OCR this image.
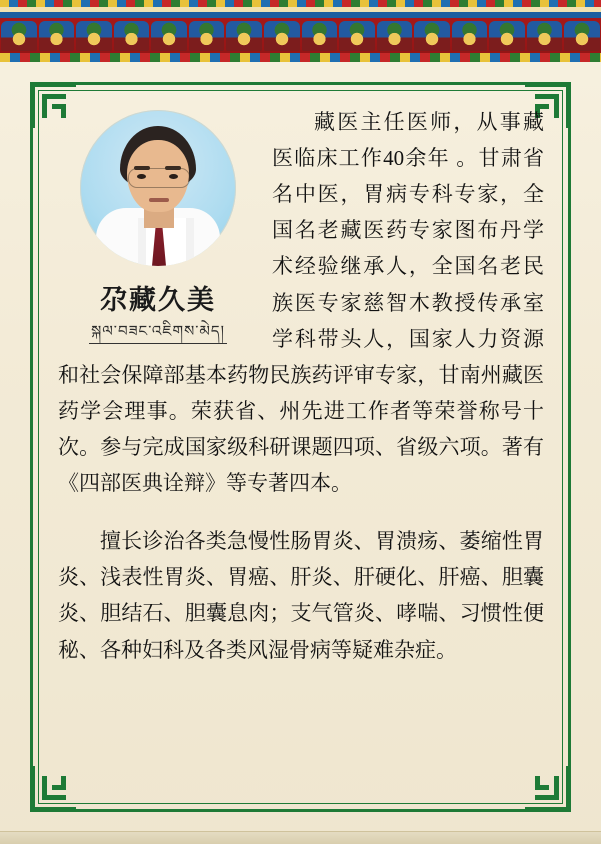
尕藏久美
སྐལ་བཟང་འཇིགས་མེད།

藏医主任医师，从事藏医临床工作40余年 。甘肃省名中医，胃病专科专家，全国名老藏医药专家图布丹学术经验继承人，全国名老民族医专家慈智木教授传承室学科带头人，国家人力资源和社会保障部基本药物民族药评审专家，甘南州藏医药学会理事。荣获省、州先进工作者等荣誉称号十次。参与完成国家级科研课题四项、省级六项。著有《四部医典诠辩》等专著四本。

擅长诊治各类急慢性肠胃炎、胃溃疡、萎缩性胃炎、浅表性胃炎、胃癌、肝炎、肝硬化、肝癌、胆囊炎、胆结石、胆囊息肉；支气管炎、哮喘、习惯性便秘、各种妇科及各类风湿骨病等疑难杂症。
